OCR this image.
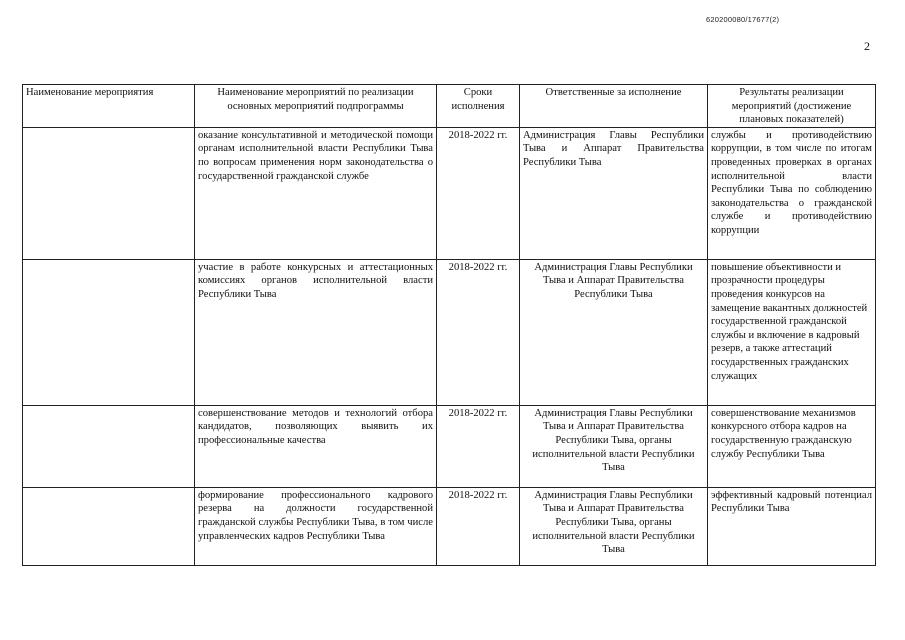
620200080/17677(2)
2
Наименование мероприятия	Наименование мероприятий по реализации основных мероприятий подпрограммы	Сроки исполнения	Ответственные за исполнение	Результаты реализации мероприятий (достижение плановых показателей)
	оказание консультативной и методической помощи органам исполнительной власти Республики Тыва по вопросам применения норм законодательства о государственной гражданской службе	2018-2022 гг.	Администрация Главы Республики Тыва и Аппарат Правительства Республики Тыва	службы и противодействию коррупции, в том числе по итогам проведенных проверках в органах исполнительной власти Республики Тыва по соблюдению законодательства о гражданской службе и противодействию коррупции
	участие в работе конкурсных и аттестационных комиссиях органов исполнительной власти Республики Тыва	2018-2022 гг.	Администрация Главы Республики Тыва и Аппарат Правительства Республики Тыва	повышение объективности и прозрачности процедуры проведения конкурсов на замещение вакантных должностей государственной гражданской службы и включение в кадровый резерв, а также аттестаций государственных гражданских служащих
	совершенствование методов и технологий отбора кандидатов, позволяющих выявить их профессиональные качества	2018-2022 гг.	Администрация Главы Республики Тыва и Аппарат Правительства Республики Тыва, органы исполнительной власти Республики Тыва	совершенствование механизмов конкурсного отбора кадров на государственную гражданскую службу Республики Тыва
	формирование профессионального кадрового резерва на должности государственной гражданской службы Республики Тыва, в том числе управленческих кадров Республики Тыва	2018-2022 гг.	Администрация Главы Республики Тыва и Аппарат Правительства Республики Тыва, органы исполнительной власти Республики Тыва	эффективный кадровый потенциал Республики Тыва
